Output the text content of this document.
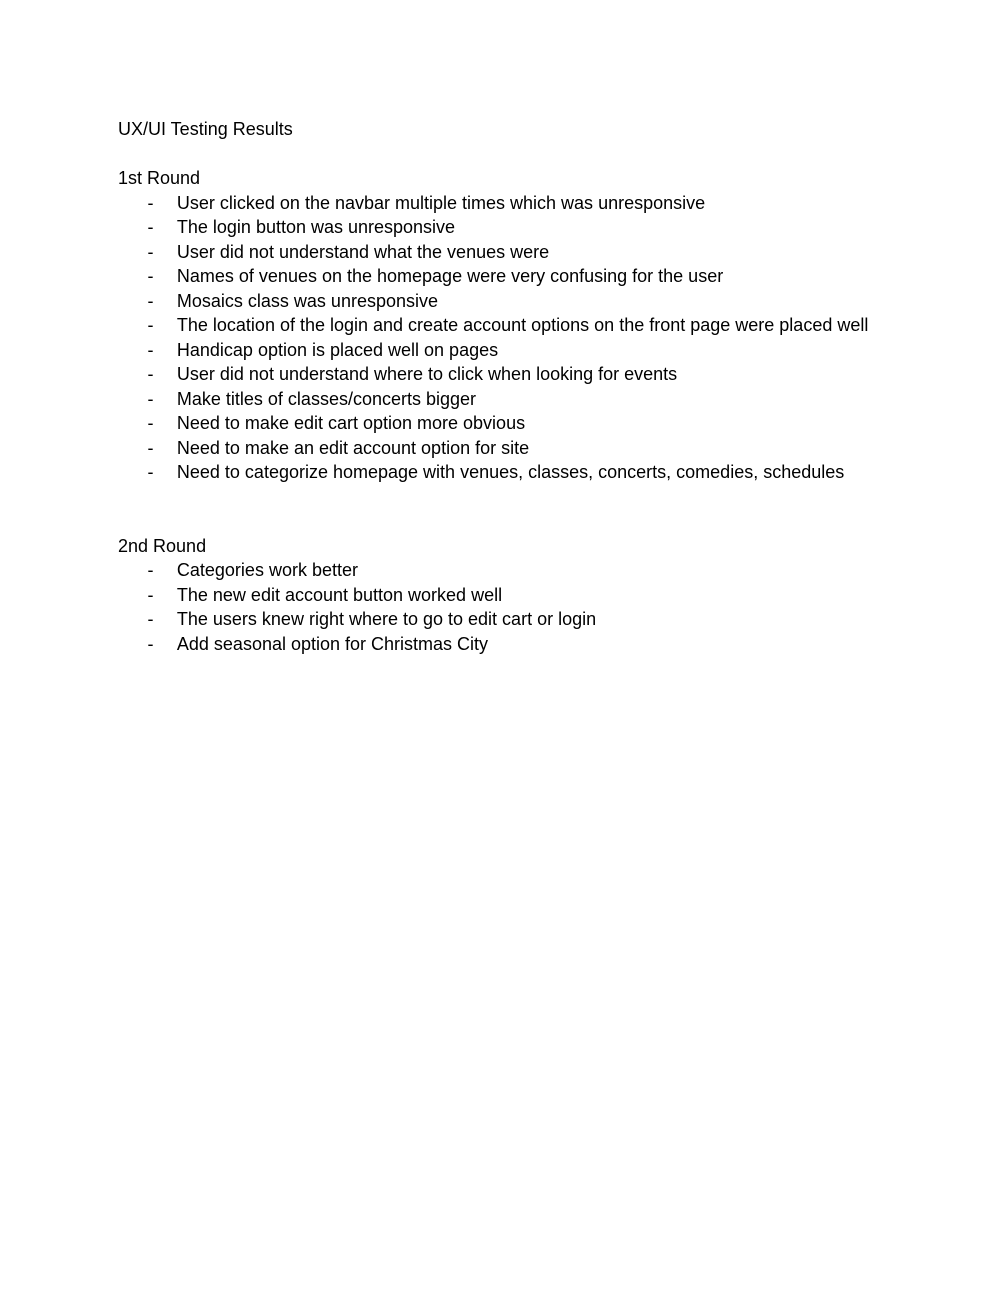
UX/UI Testing Results

1st Round

- User clicked on the navbar multiple times which was unresponsive
- The login button was unresponsive
- User did not understand what the venues were
- Names of venues on the homepage were very confusing for the user
- Mosaics class was unresponsive
- The location of the login and create account options on the front page were placed well
- Handicap option is placed well on pages
- User did not understand where to click when looking for events
- Make titles of classes/concerts bigger
- Need to make edit cart option more obvious
- Need to make an edit account option for site
- Need to categorize homepage with venues, classes, concerts, comedies, schedules

2nd Round

- Categories work better
- The new edit account button worked well
- The users knew right where to go to edit cart or login
- Add seasonal option for Christmas City
